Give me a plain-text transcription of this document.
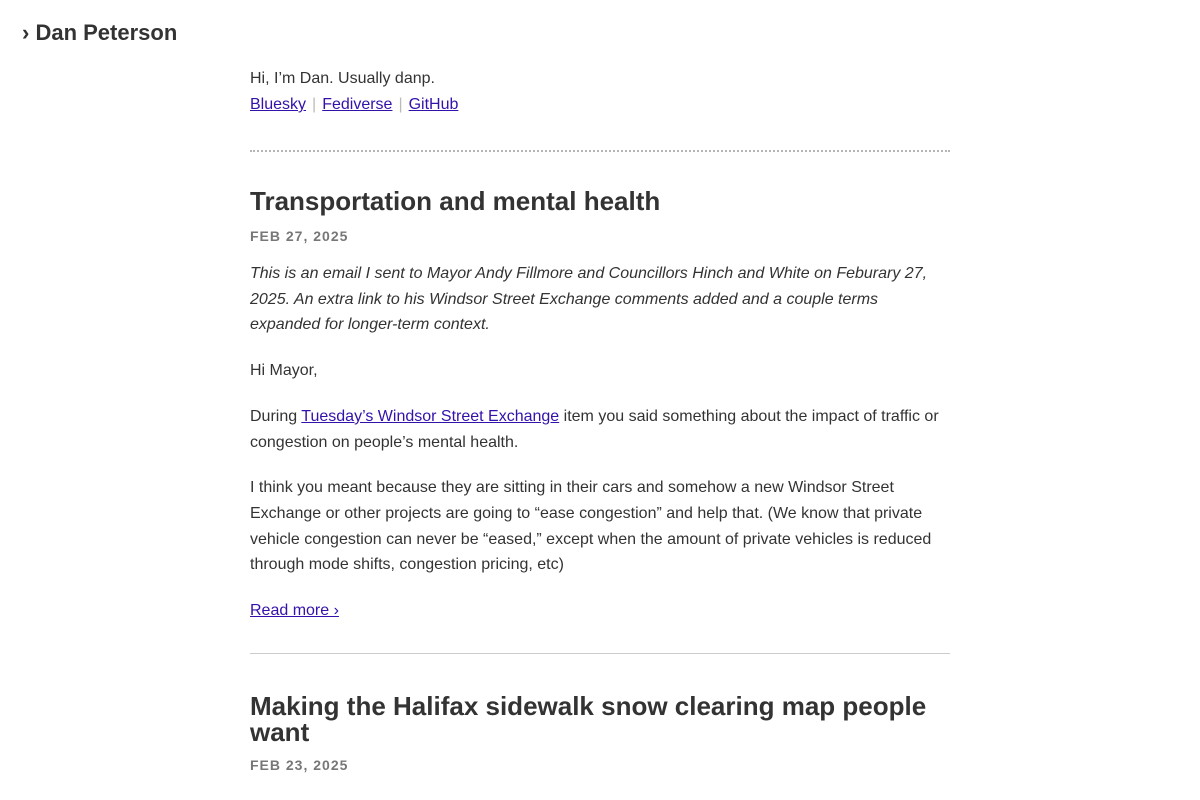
› Dan Peterson

Hi, I’m Dan. Usually danp.

Bluesky | Fediverse | GitHub

Transportation and mental health
FEB 27, 2025

This is an email I sent to Mayor Andy Fillmore and Councillors Hinch and White on Feburary 27, 2025. An extra link to his Windsor Street Exchange comments added and a couple terms expanded for longer-term context.

Hi Mayor,

During Tuesday’s Windsor Street Exchange item you said something about the impact of traffic or congestion on people’s mental health.

I think you meant because they are sitting in their cars and somehow a new Windsor Street Exchange or other projects are going to “ease congestion” and help that. (We know that private vehicle congestion can never be “eased,” except when the amount of private vehicles is reduced through mode shifts, congestion pricing, etc)

Read more ›

Making the Halifax sidewalk snow clearing map people want
FEB 23, 2025
